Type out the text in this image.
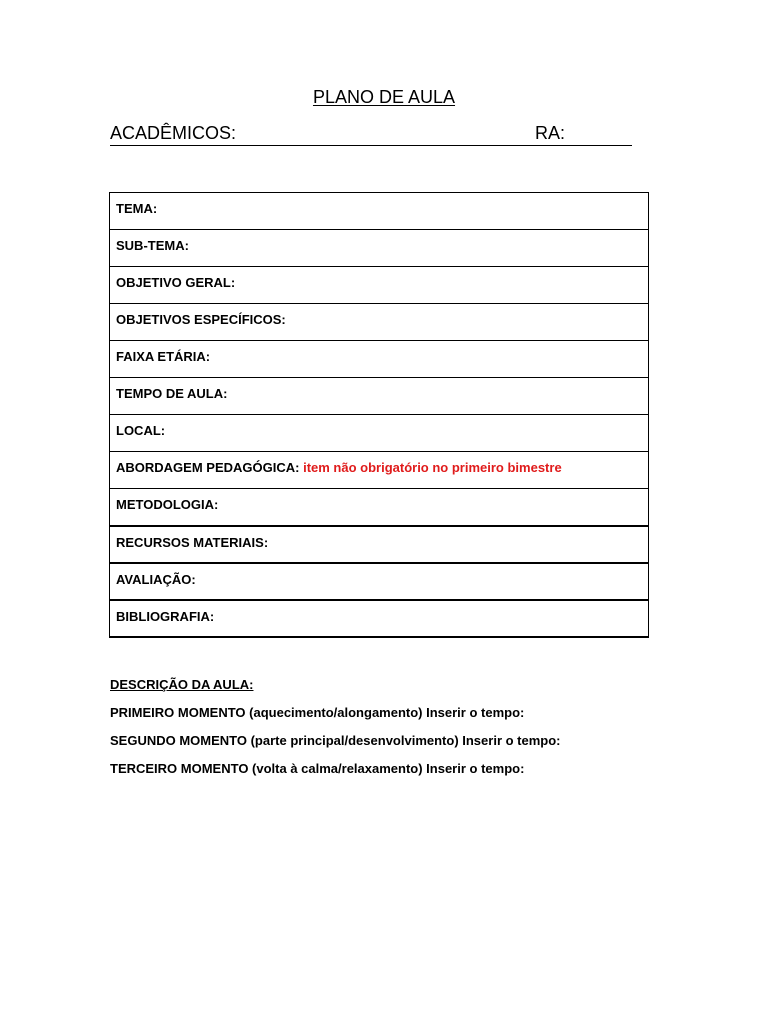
PLANO DE AULA
ACADÊMICOS:	RA:
TEMA:
SUB-TEMA:
OBJETIVO GERAL:
OBJETIVOS ESPECÍFICOS:
FAIXA ETÁRIA:
TEMPO DE AULA:
LOCAL:
ABORDAGEM PEDAGÓGICA: item não obrigatório no primeiro bimestre
METODOLOGIA:
RECURSOS MATERIAIS:
AVALIAÇÃO:
BIBLIOGRAFIA:
DESCRIÇÃO DA AULA:
PRIMEIRO MOMENTO (aquecimento/alongamento) Inserir o tempo:
SEGUNDO MOMENTO (parte principal/desenvolvimento) Inserir o tempo:
TERCEIRO MOMENTO (volta à calma/relaxamento) Inserir o tempo:
